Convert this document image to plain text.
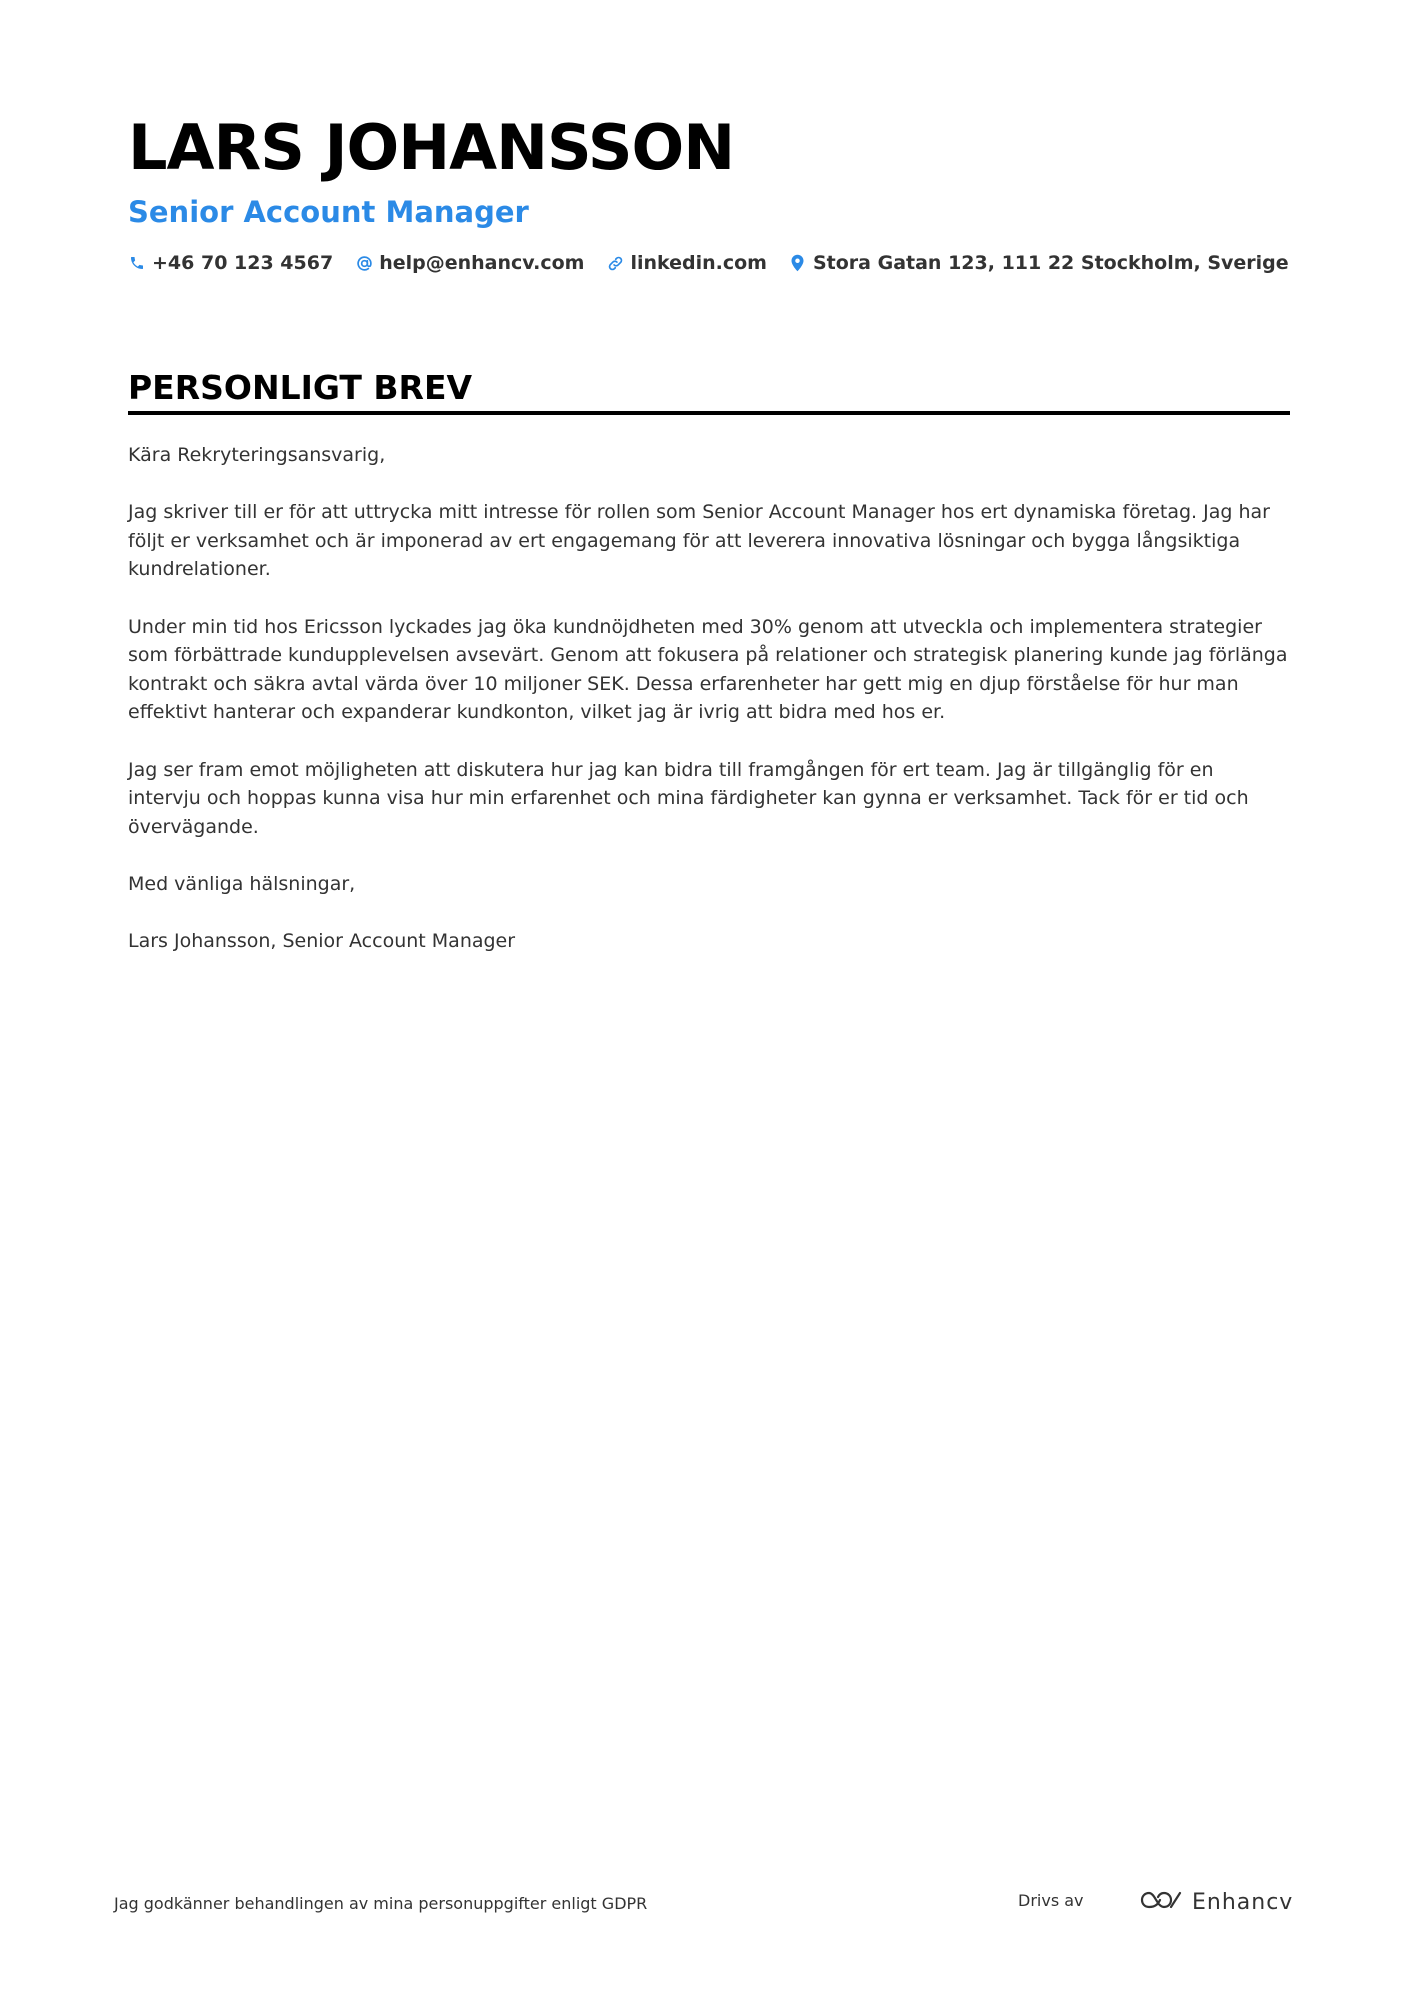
LARS JOHANSSON
Senior Account Manager
+46 70 123 4567 help@enhancv.com linkedin.com Stora Gatan 123, 111 22 Stockholm, Sverige
PERSONLIGT BREV

Kära Rekryteringsansvarig,

Jag skriver till er för att uttrycka mitt intresse för rollen som Senior Account Manager hos ert dynamiska företag. Jag har följt er verksamhet och är imponerad av ert engagemang för att leverera innovativa lösningar och bygga långsiktiga kundrelationer.

Under min tid hos Ericsson lyckades jag öka kundnöjdheten med 30% genom att utveckla och implementera strategier som förbättrade kundupplevelsen avsevärt. Genom att fokusera på relationer och strategisk planering kunde jag förlänga kontrakt och säkra avtal värda över 10 miljoner SEK. Dessa erfarenheter har gett mig en djup förståelse för hur man effektivt hanterar och expanderar kundkonton, vilket jag är ivrig att bidra med hos er.

Jag ser fram emot möjligheten att diskutera hur jag kan bidra till framgången för ert team. Jag är tillgänglig för en intervju och hoppas kunna visa hur min erfarenhet och mina färdigheter kan gynna er verksamhet. Tack för er tid och övervägande.

Med vänliga hälsningar,

Lars Johansson, Senior Account Manager

Jag godkänner behandlingen av mina personuppgifter enligt GDPR	Drivs av	Enhancv
